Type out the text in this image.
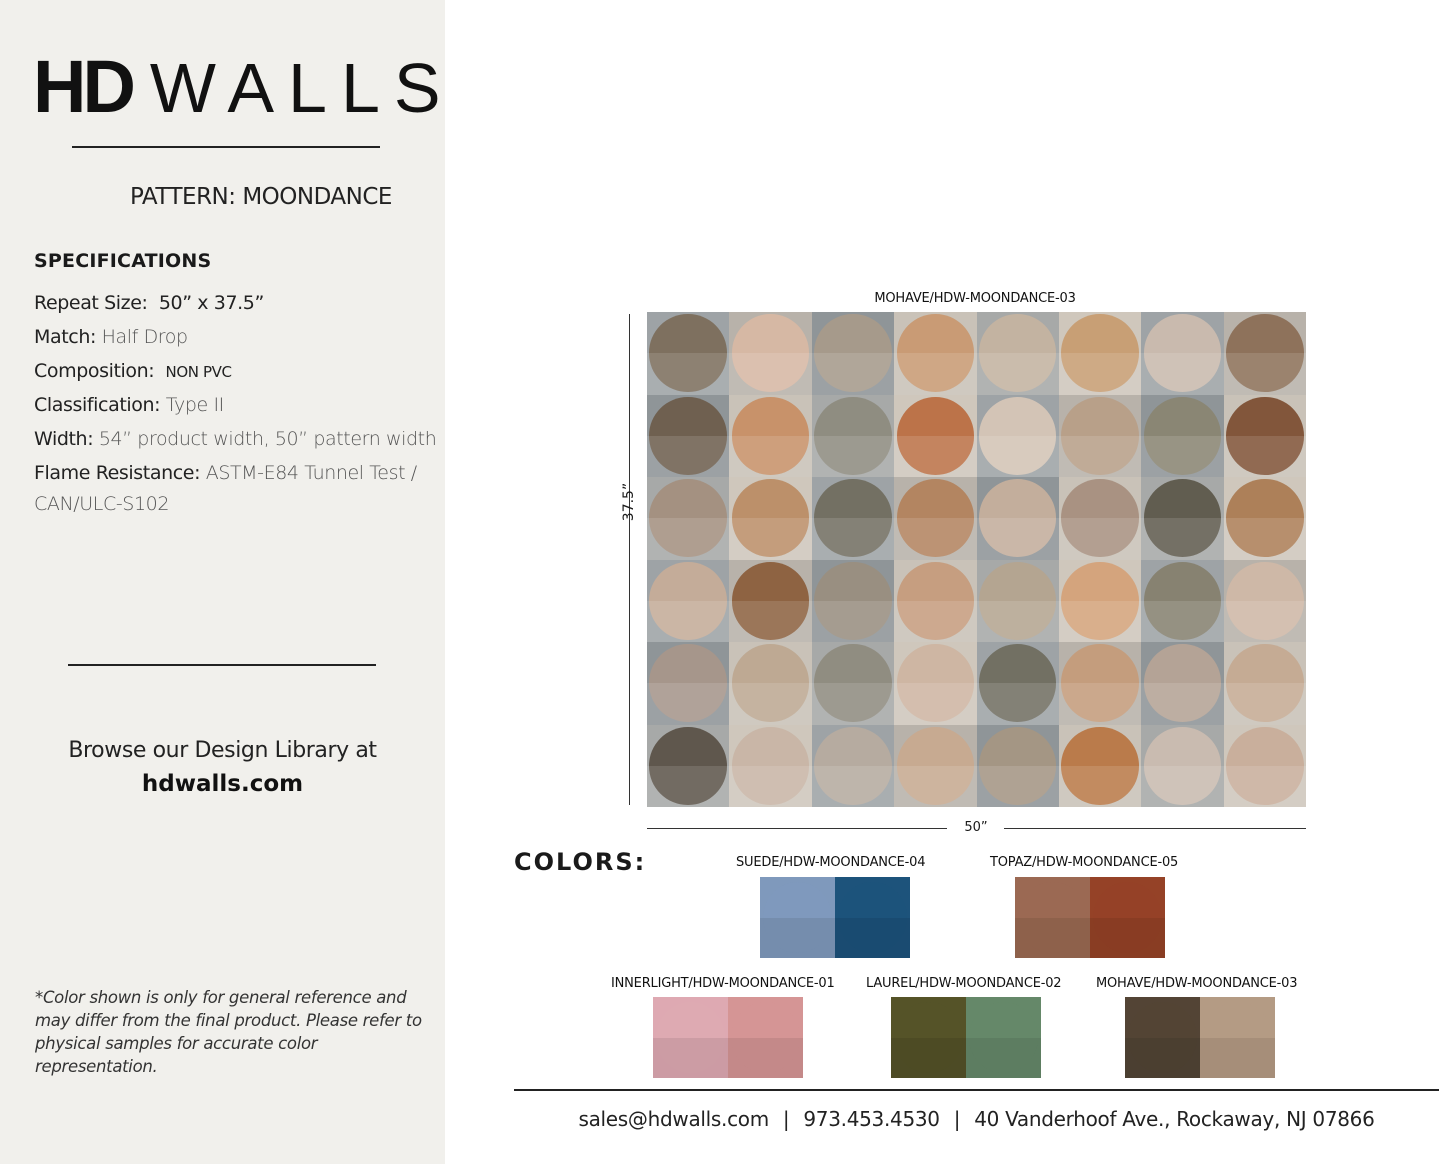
HD WALLS
PATTERN: MOONDANCE
SPECIFICATIONS
Repeat Size: 50” x 37.5”
Match: Half Drop
Composition: NON PVC
Classification: Type II
Width: 54” product width, 50” pattern width
Flame Resistance: ASTM-E84 Tunnel Test /
CAN/ULC-S102
Browse our Design Library at
hdwalls.com
*Color shown is only for general reference and may differ from the final product. Please refer to physical samples for accurate color representation.
MOHAVE/HDW-MOONDANCE-03
37.5”
50”
COLORS:	SUEDE/HDW-MOONDANCE-04	TOPAZ/HDW-MOONDANCE-05
INNERLIGHT/HDW-MOONDANCE-01 LAUREL/HDW-MOONDANCE-02	MOHAVE/HDW-MOONDANCE-03
sales@hdwalls.com | 973.453.4530 | 40 Vanderhoof Ave., Rockaway, NJ 07866
